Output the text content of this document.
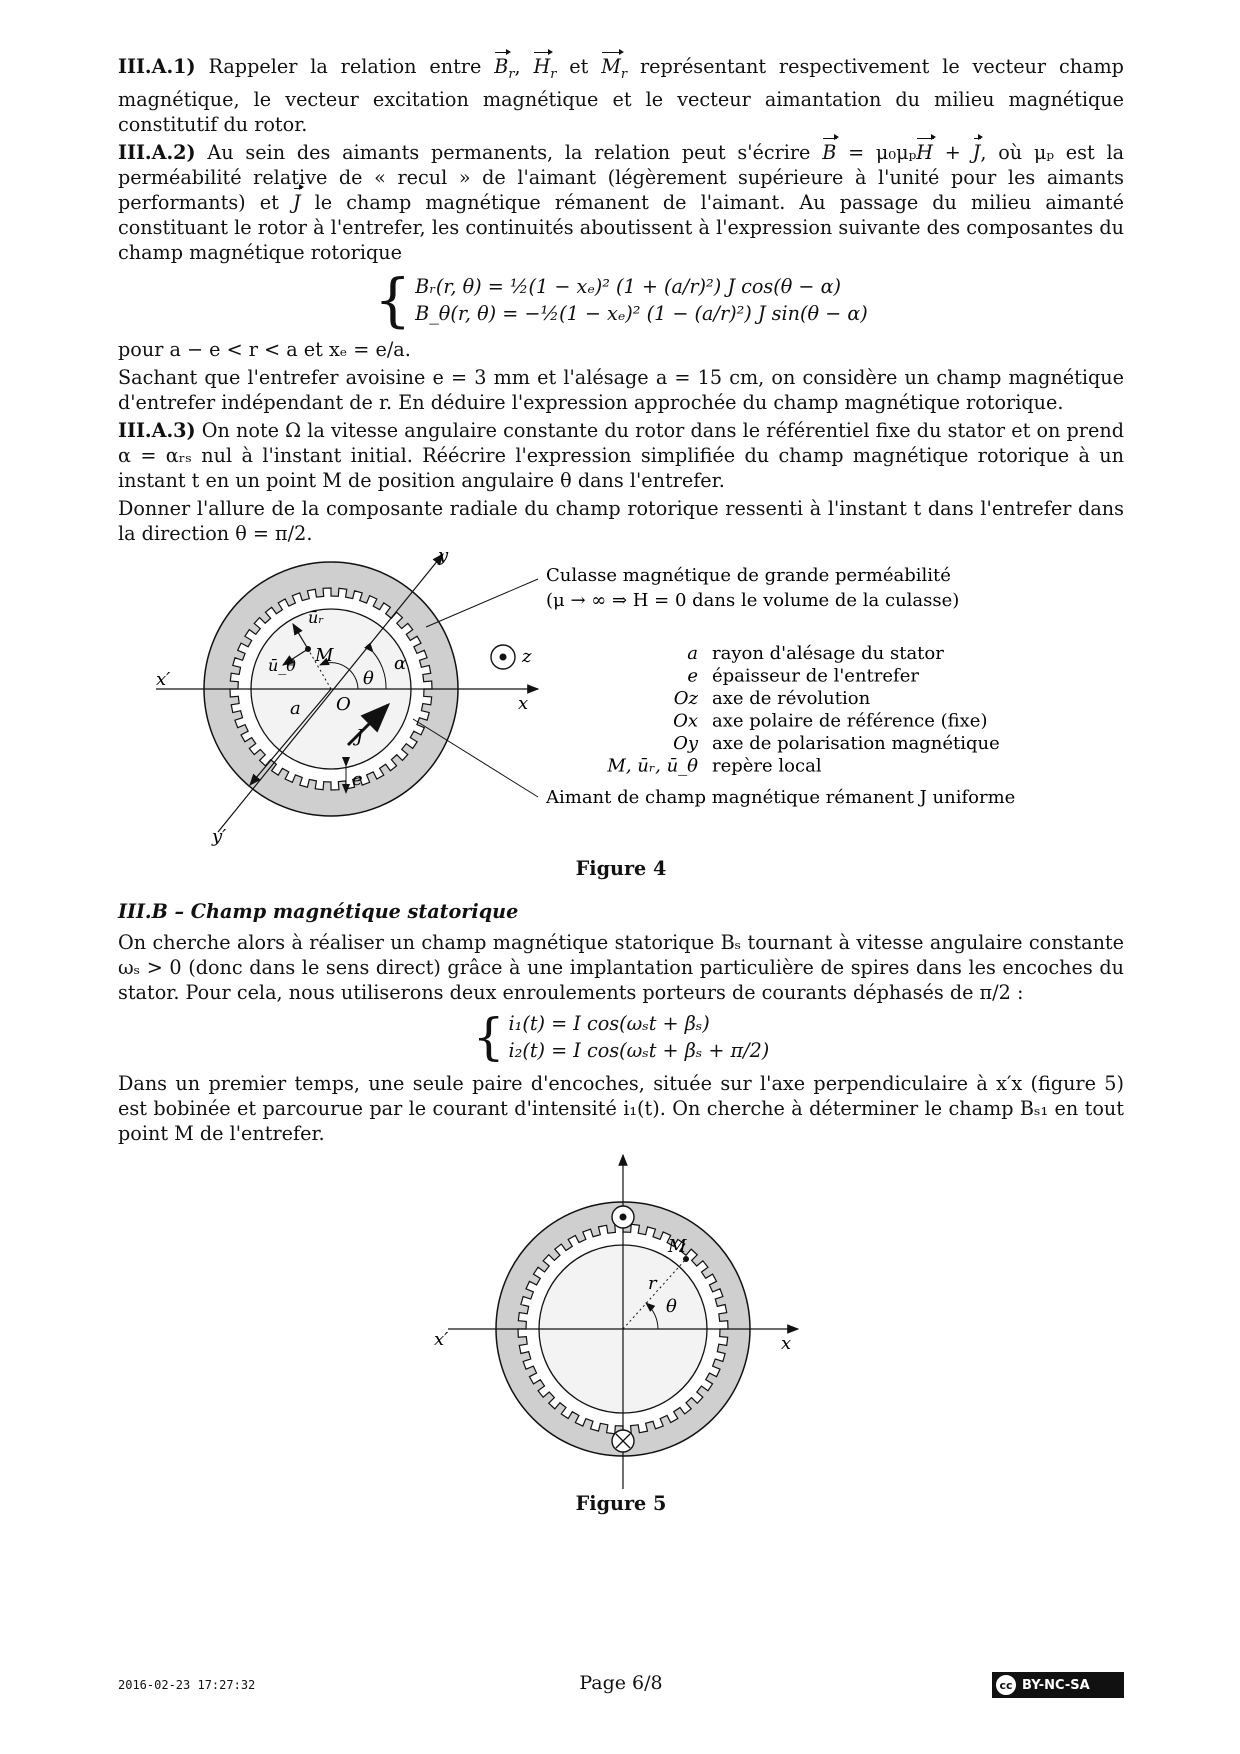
III.A.1) Rappeler la relation entre $B_r$, $H_r$ et $M_r$ représentant respectivement le vecteur champ magnétique, le vecteur excitation magnétique et le vecteur aimantation du milieu magnétique constitutif du rotor.

III.A.2) Au sein des aimants permanents, la relation peut s'écrire B = μ₀μₚH + J, où μₚ est la perméabilité relative de « recul » de l'aimant (légèrement supérieure à l'unité pour les aimants performants) et J le champ magnétique rémanent de l'aimant. Au passage du milieu aimanté constituant le rotor à l'entrefer, les continuités aboutissent à l'expression suivante des composantes du champ magnétique rotorique

{ Bᵣ(r, θ) = ½(1 − xₑ)² (1 + (a/r)²) J cos(θ − α)
B_θ(r, θ) = −½(1 − xₑ)² (1 − (a/r)²) J sin(θ − α)

pour a − e < r < a et xₑ = e/a.

Sachant que l'entrefer avoisine e = 3 mm et l'alésage a = 15 cm, on considère un champ magnétique d'entrefer indépendant de r. En déduire l'expression approchée du champ magnétique rotorique.

III.A.3) On note Ω la vitesse angulaire constante du rotor dans le référentiel fixe du stator et on prend α = αᵣₛ nul à l'instant initial. Réécrire l'expression simplifiée du champ magnétique rotorique à un instant t en un point M de position angulaire θ dans l'entrefer.

Donner l'allure de la composante radiale du champ rotorique ressenti à l'instant t dans l'entrefer dans la direction θ = π/2.

y
y′
x
x′
z
O
M
a
e
θ
α
ūᵣ
ū_θ
J
Culasse magnétique de grande perméabilité
(μ → ∞ ⇒ H = 0 dans le volume de la culasse)
a rayon d'alésage du stator
e épaisseur de l'entrefer
Oz axe de révolution
Ox axe polaire de référence (fixe)
Oy axe de polarisation magnétique
M, ūᵣ, ū_θ repère local
Aimant de champ magnétique rémanent J uniforme
Figure 4
III.B – Champ magnétique statorique

On cherche alors à réaliser un champ magnétique statorique Bₛ tournant à vitesse angulaire constante ωₛ > 0 (donc dans le sens direct) grâce à une implantation particulière de spires dans les encoches du stator. Pour cela, nous utiliserons deux enroulements porteurs de courants déphasés de π/2 :

{ i₁(t) = I cos(ωₛt + βₛ)
i₂(t) = I cos(ωₛt + βₛ + π/2)

Dans un premier temps, une seule paire d'encoches, située sur l'axe perpendiculaire à x′x (figure 5) est bobinée et parcourue par le courant d'intensité i₁(t). On cherche à déterminer le champ Bₛ₁ en tout point M de l'entrefer.

M
r
θ
x
x′
Figure 5
2016-02-23 17:27:32	Page 6/8	cc BY-NC-SA
